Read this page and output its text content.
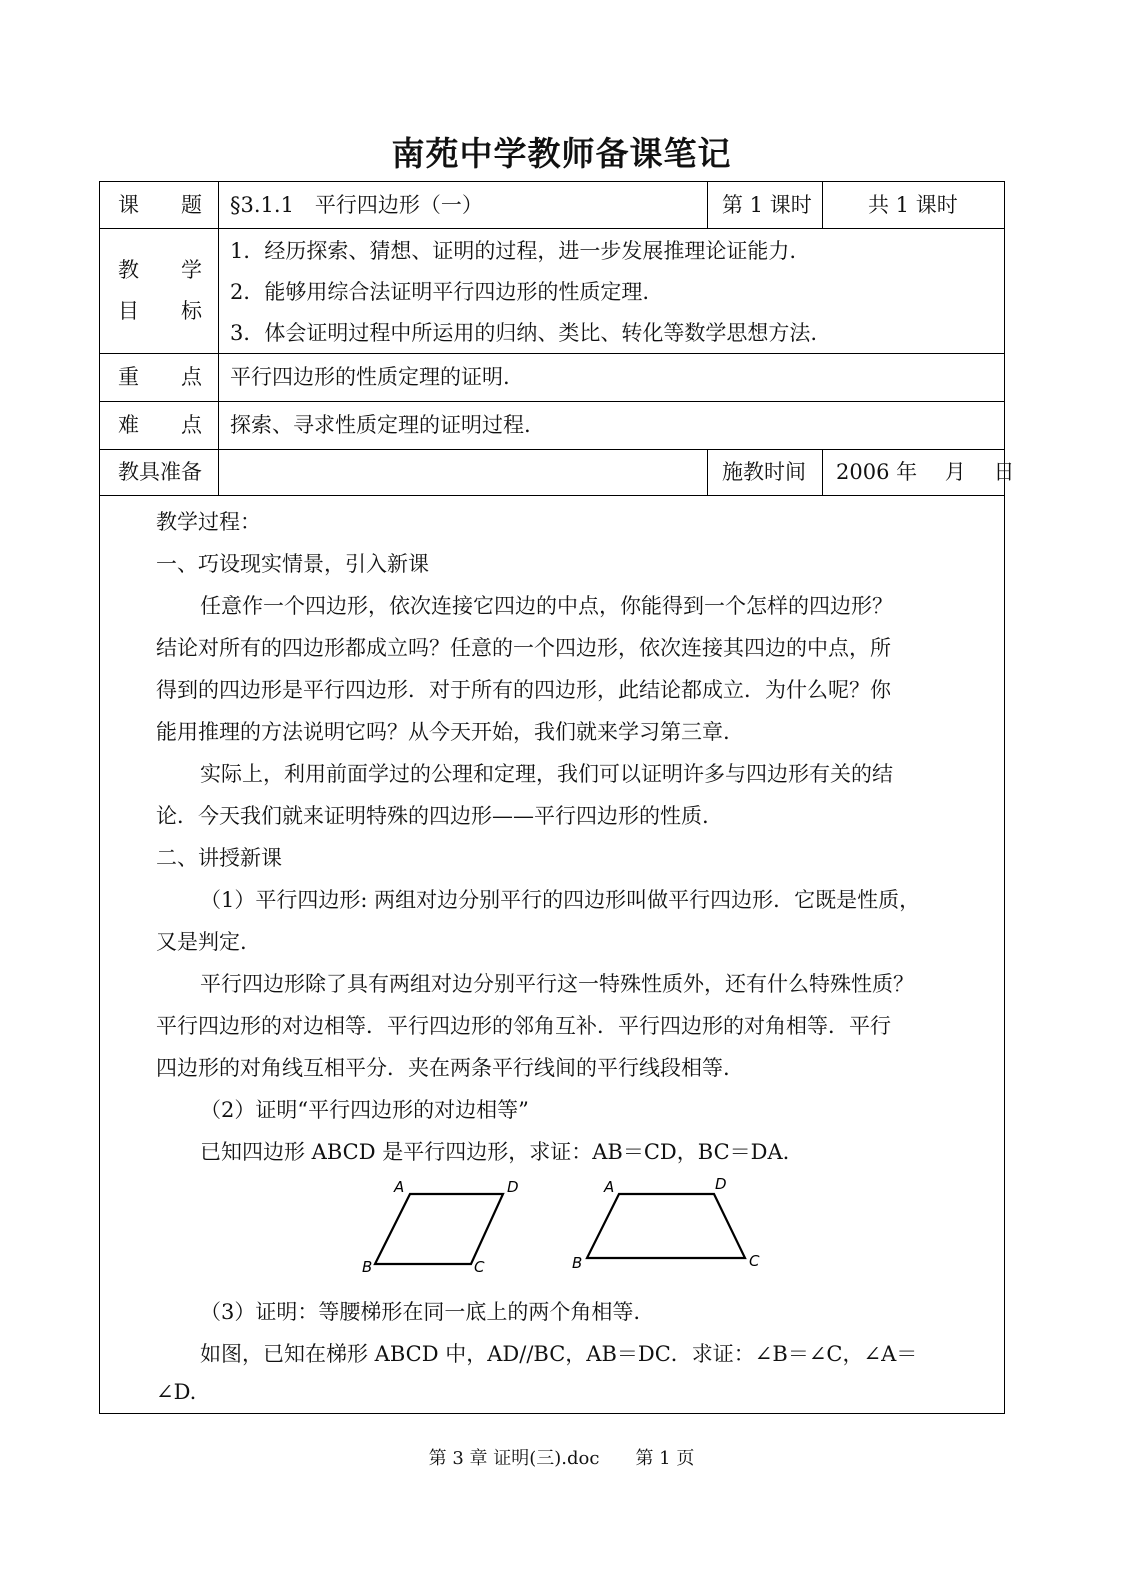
南苑中学教师备课笔记
课　　题 §3.1.1　平行四边形（一）	第 1 课时	共 1 课时
教　　学
目　　标
1．经历探索、猜想、证明的过程，进一步发展推理论证能力.
2．能够用综合法证明平行四边形的性质定理.
3．体会证明过程中所运用的归纳、类比、转化等数学思想方法.
重　　点 平行四边形的性质定理的证明.
难　　点 探索、寻求性质定理的证明过程.
教具准备	施教时间 2006 年　 月　 日
教学过程：
一、巧设现实情景，引入新课
任意作一个四边形，依次连接它四边的中点，你能得到一个怎样的四边形？
结论对所有的四边形都成立吗？任意的一个四边形，依次连接其四边的中点，所
得到的四边形是平行四边形．对于所有的四边形，此结论都成立．为什么呢？你
能用推理的方法说明它吗？从今天开始，我们就来学习第三章.
实际上，利用前面学过的公理和定理，我们可以证明许多与四边形有关的结
论．今天我们就来证明特殊的四边形——平行四边形的性质.
二、讲授新课
（1）平行四边形: 两组对边分别平行的四边形叫做平行四边形．它既是性质，
又是判定.
平行四边形除了具有两组对边分别平行这一特殊性质外，还有什么特殊性质？
平行四边形的对边相等．平行四边形的邻角互补．平行四边形的对角相等．平行
四边形的对角线互相平分．夹在两条平行线间的平行线段相等.
（2）证明“平行四边形的对边相等”
已知四边形 ABCD 是平行四边形，求证：AB＝CD，BC＝DA.
A
B	C
D	A
B	C
D
（3）证明：等腰梯形在同一底上的两个角相等.
如图，已知在梯形 ABCD 中，AD//BC，AB＝DC．求证：∠B＝∠C，∠A＝
∠D.
第 3 章 证明(三).doc　　第 1 页
